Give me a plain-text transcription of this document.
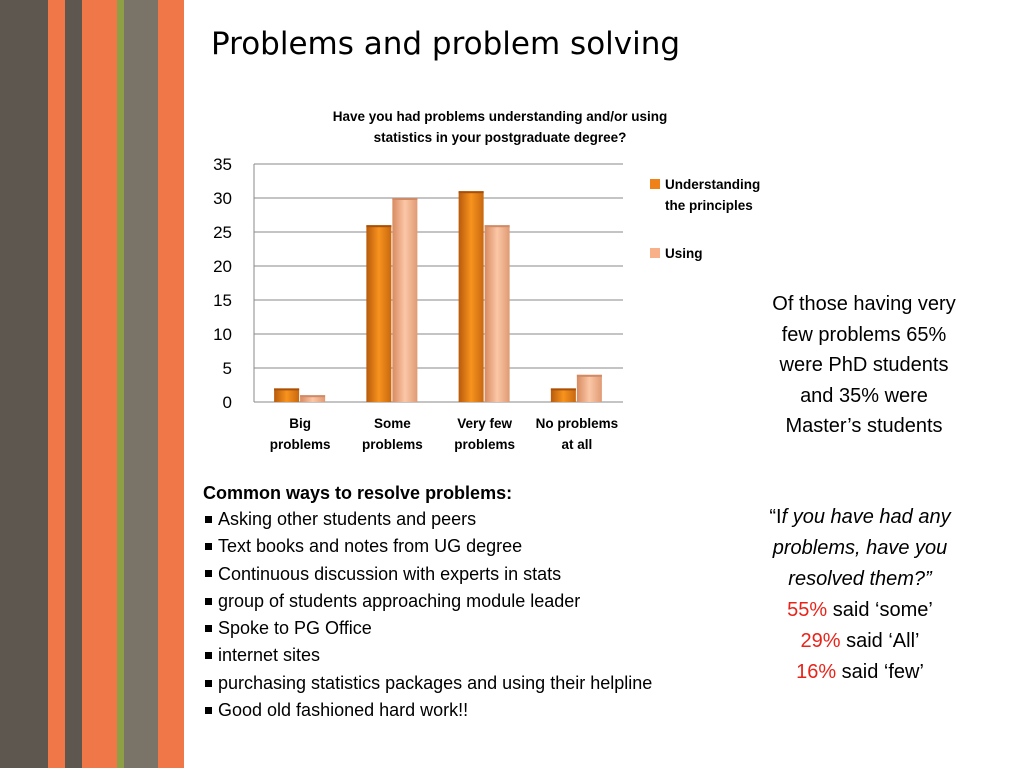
Problems and problem solving
Have you had problems understanding and/or using
statistics in your postgraduate degree?
0
5
10
15
20
25
30
35
Big
problems
Some
problems
Very few
problems
No problems
at all
Understanding
the principles
Using
Of those having very
few problems 65%
were PhD students
and 35% were
Master’s students
Common ways to resolve problems:
Asking other students and peers
Text books and notes from UG degree
Continuous discussion with experts in stats
group of students approaching module leader
Spoke to PG Office
internet sites
purchasing statistics packages and using their helpline
Good old fashioned hard work!!
“If you have had any
problems, have you
resolved them?”
55% said ‘some’
29% said ‘All’
16% said ‘few’
